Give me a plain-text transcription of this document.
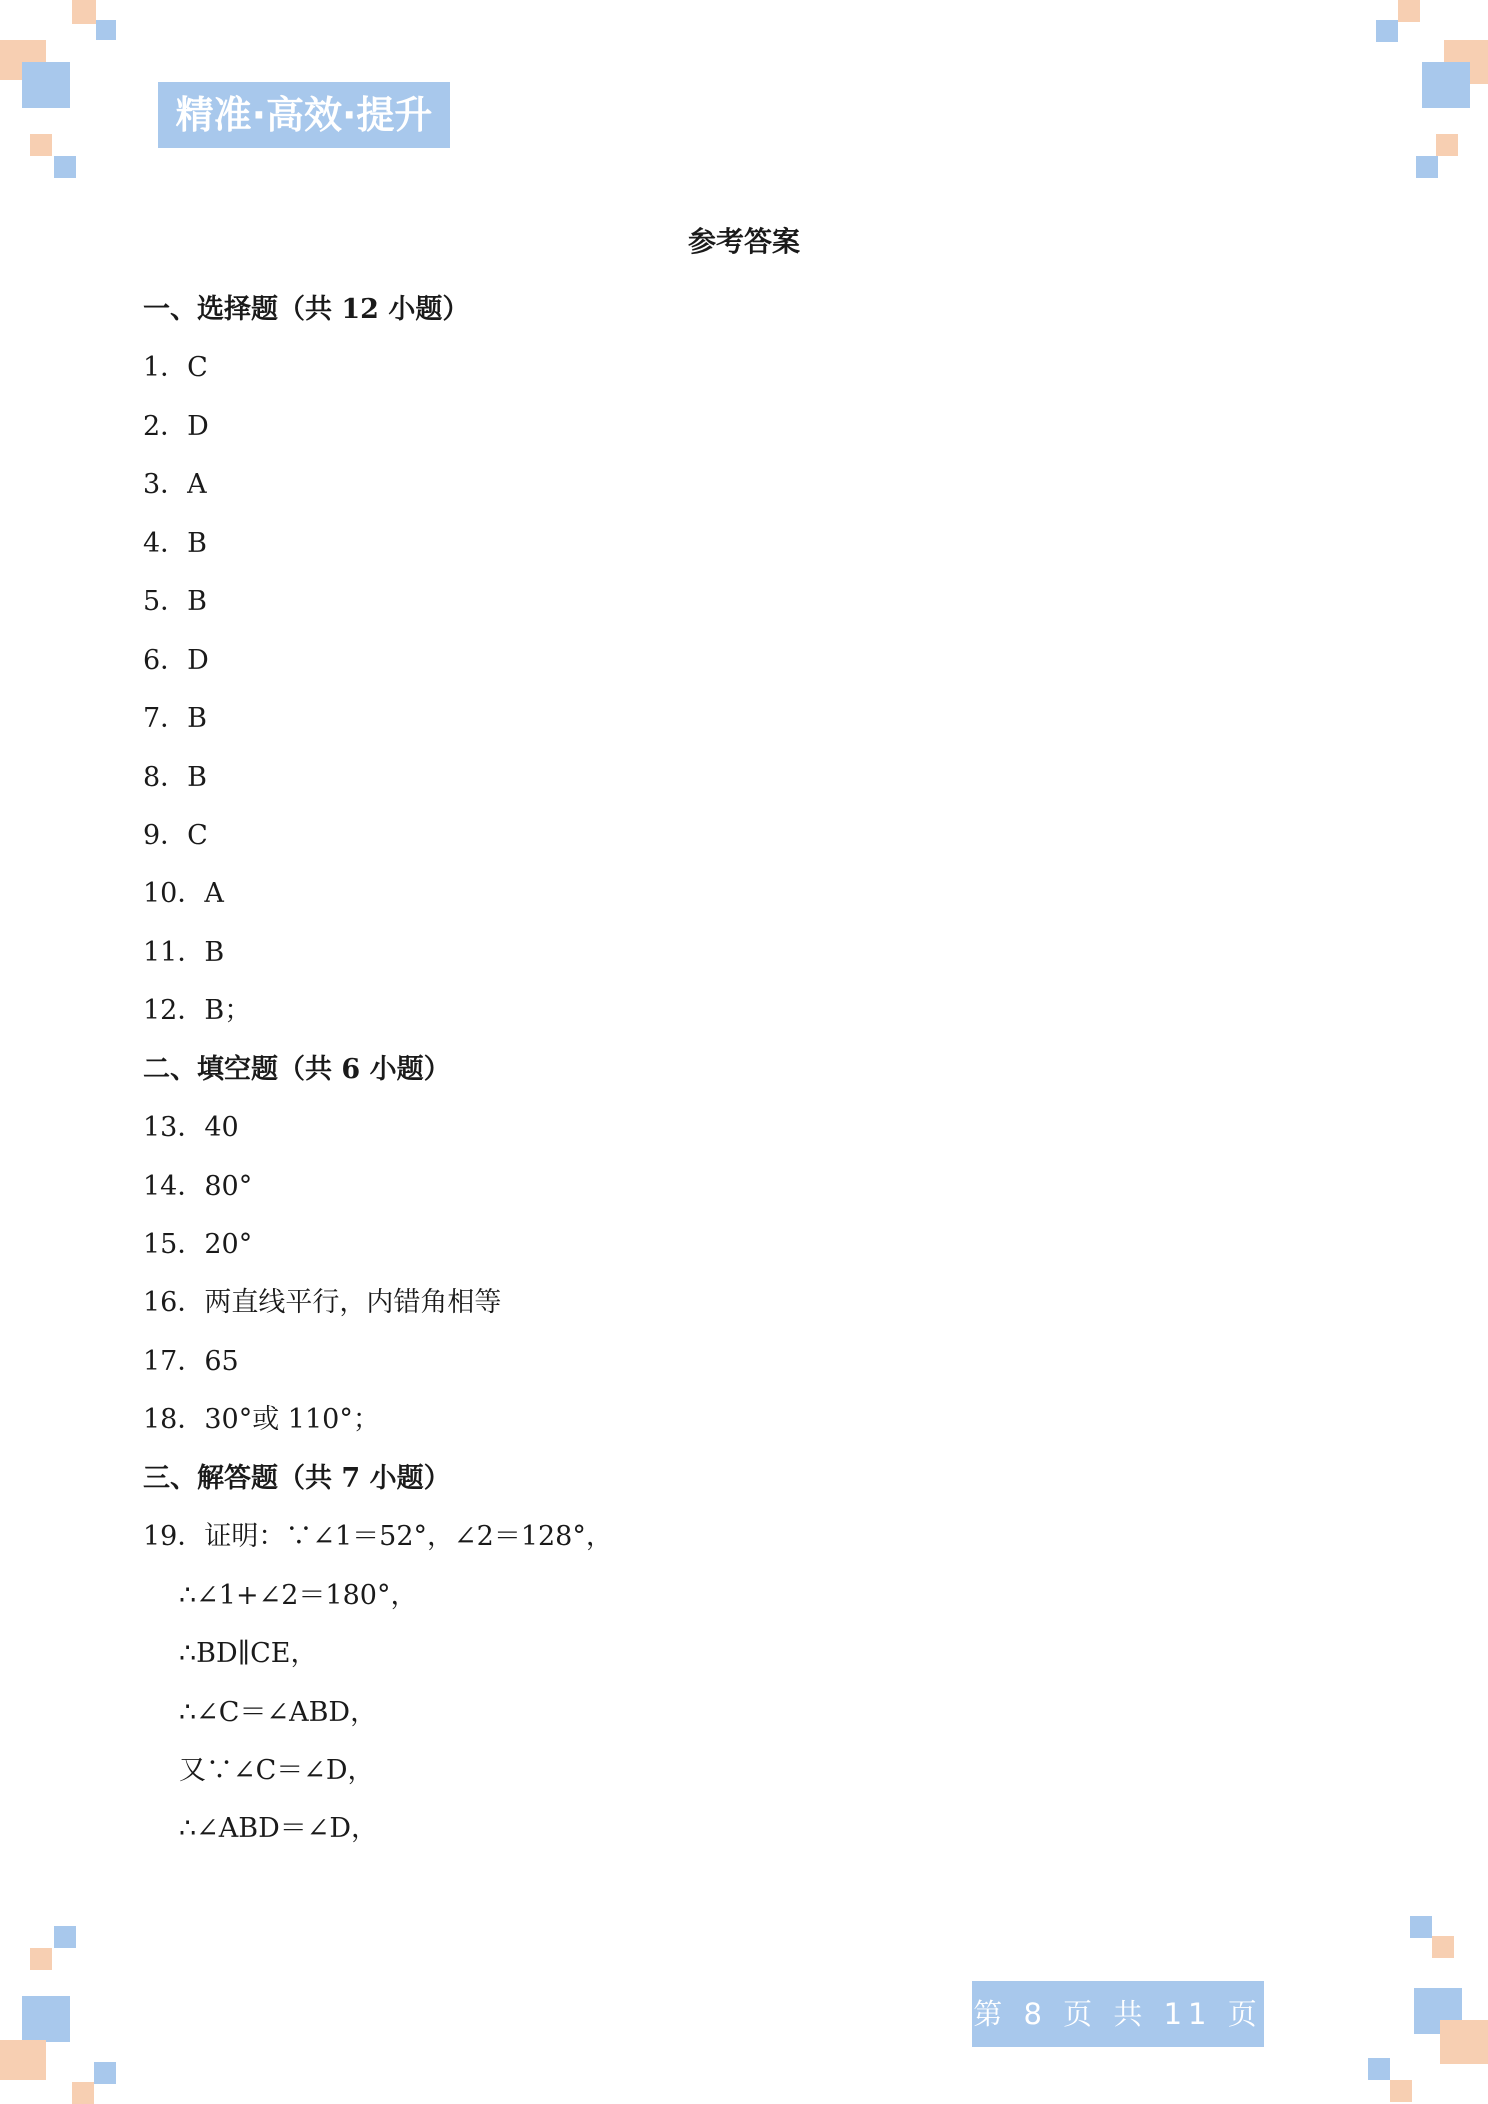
精准·高效·提升
参考答案
一、选择题（共 12 小题）
1．C
2．D
3．A
4．B
5．B
6．D
7．B
8．B
9．C
10．A
11．B
12．B；
二、填空题（共 6 小题）
13．40
14．80°
15．20°
16．两直线平行，内错角相等
17．65
18．30°或 110°；
三、解答题（共 7 小题）
19．证明：∵∠1＝52°，∠2＝128°，
∴∠1+∠2＝180°，
∴BD∥CE，
∴∠C＝∠ABD，
又∵∠C＝∠D，
∴∠ABD＝∠D，
第 8 页 共 11 页
